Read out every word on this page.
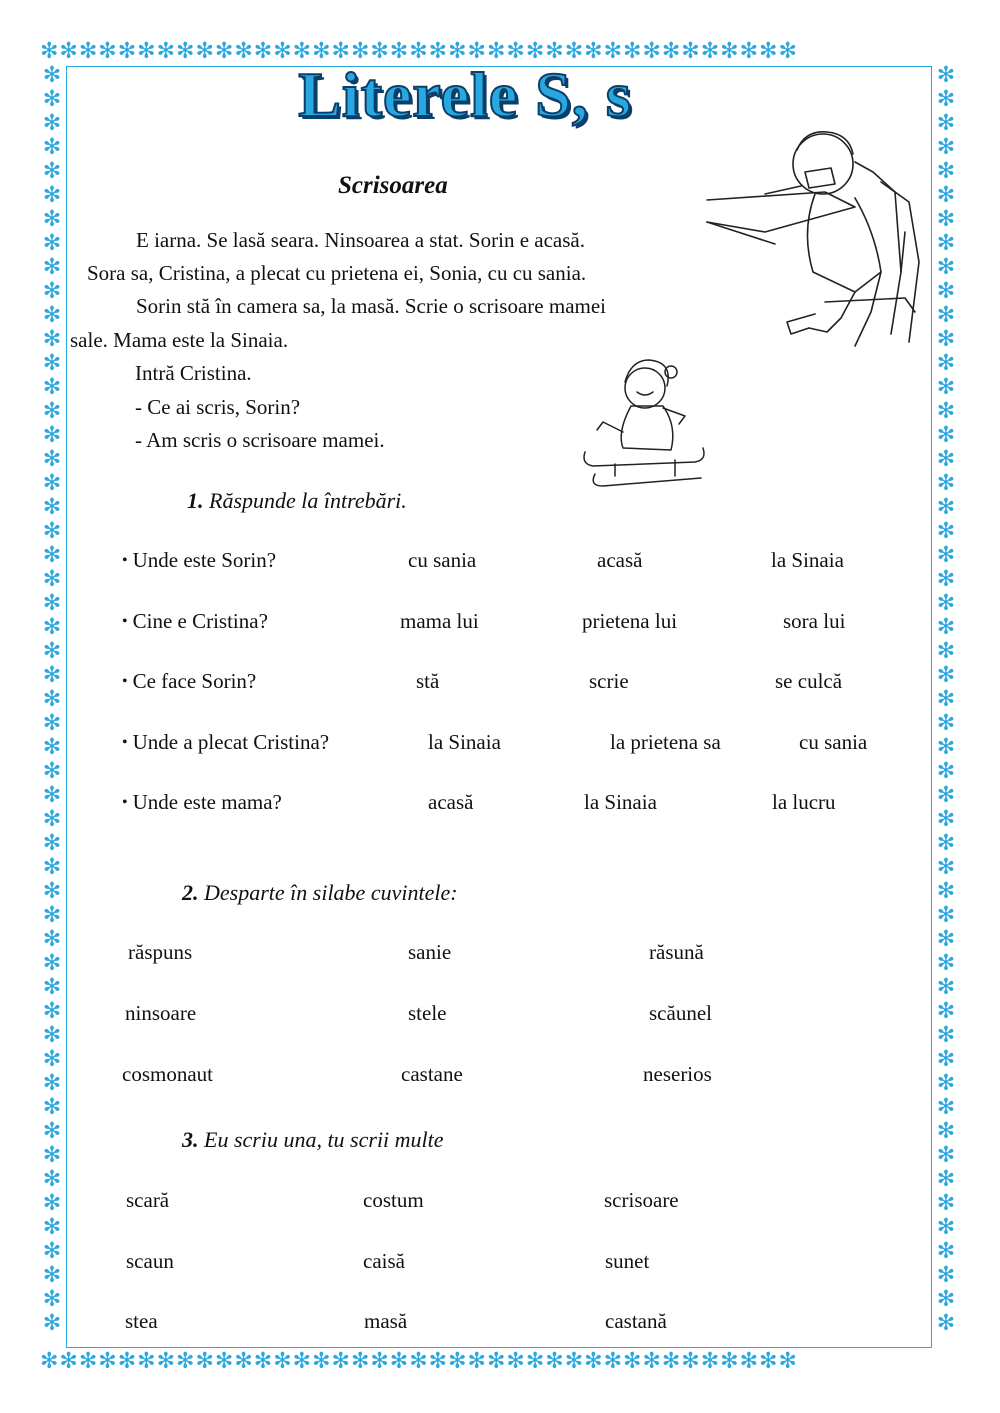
✻✻✻✻✻✻✻✻✻✻✻✻✻✻✻✻✻✻✻✻✻✻✻✻✻✻✻✻✻✻✻✻✻✻✻✻✻✻✻
✻✻✻✻✻✻✻✻✻✻✻✻✻✻✻✻✻✻✻✻✻✻✻✻✻✻✻✻✻✻✻✻✻✻✻✻✻✻✻
✻✻✻✻✻✻✻✻✻✻✻✻✻✻✻✻✻✻✻✻✻✻✻✻✻✻✻✻✻✻✻✻✻✻✻✻✻✻✻✻✻✻✻✻✻✻✻✻✻✻✻✻✻
✻✻✻✻✻✻✻✻✻✻✻✻✻✻✻✻✻✻✻✻✻✻✻✻✻✻✻✻✻✻✻✻✻✻✻✻✻✻✻✻✻✻✻✻✻✻✻✻✻✻✻✻✻
Literele S, s
Scrisoarea
E iarna. Se lasă seara. Ninsoarea a stat. Sorin e acasă.
Sora sa, Cristina, a plecat cu prietena ei, Sonia, cu cu sania.
Sorin stă în camera sa, la masă. Scrie o scrisoare mamei
sale. Mama este la Sinaia.
Intră Cristina.
- Ce ai scris, Sorin?
- Am scris o scrisoare mamei.
1. Răspunde la întrebări.
• Unde este Sorin?	cu sania	acasă	la Sinaia
• Cine e Cristina?	mama lui	prietena lui	sora lui
• Ce face Sorin?	stă	scrie	se culcă
• Unde a plecat Cristina?	la Sinaia	la prietena sa	cu sania
• Unde este mama?	acasă	la Sinaia	la lucru
2. Desparte în silabe cuvintele:
răspuns	sanie	răsună
ninsoare	stele	scăunel
cosmonaut	castane	neserios
3. Eu scriu una, tu scrii multe
scară	costum	scrisoare
scaun	caisă	sunet
stea	masă	castană
